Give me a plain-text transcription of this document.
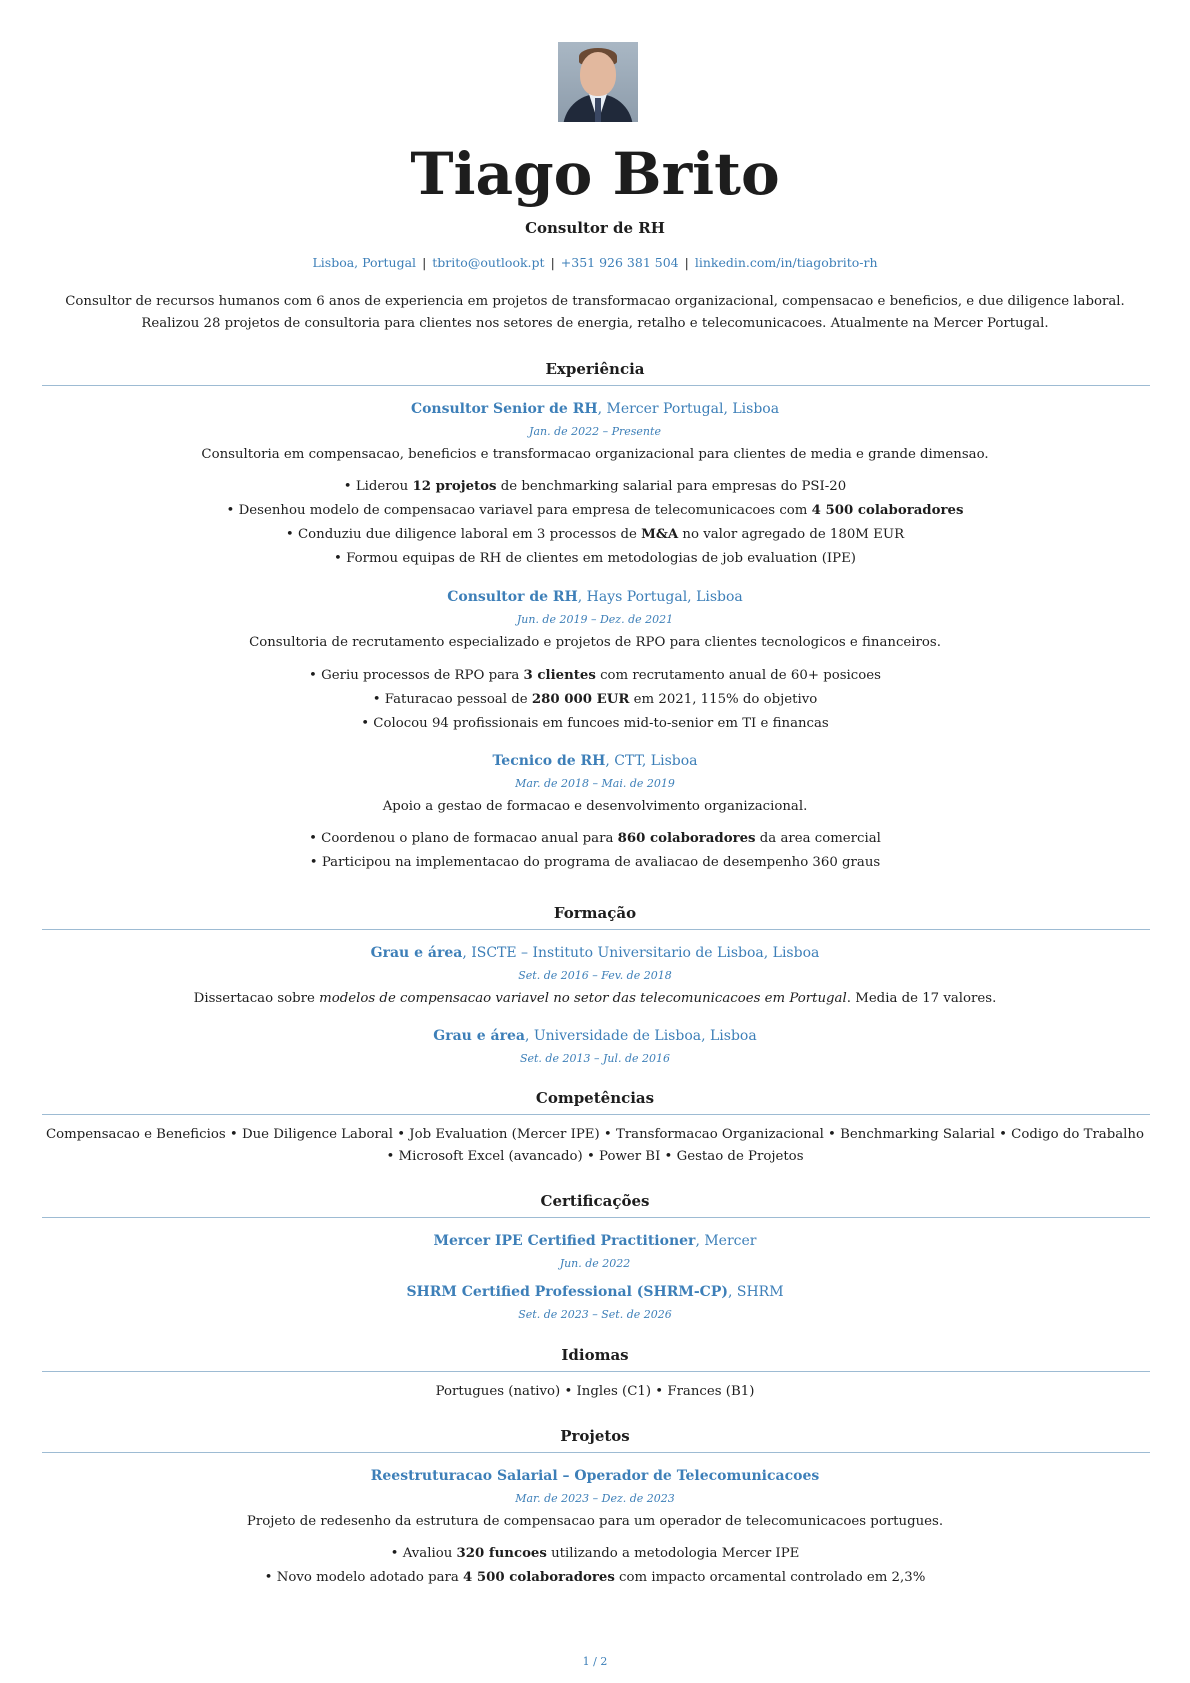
Tiago Brito
Consultor de RH
Lisboa, Portugal | tbrito@outlook.pt | +351 926 381 504 | linkedin.com/in/tiagobrito-rh
Consultor de recursos humanos com 6 anos de experiencia em projetos de transformacao organizacional, compensacao e beneficios, e due diligence laboral. Realizou 28 projetos de consultoria para clientes nos setores de energia, retalho e telecomunicacoes. Atualmente na Mercer Portugal.
Experiência
Consultor Senior de RH, Mercer Portugal, Lisboa
Jan. de 2022 – Presente
Consultoria em compensacao, beneficios e transformacao organizacional para clientes de media e grande dimensao.
• Liderou 12 projetos de benchmarking salarial para empresas do PSI-20
• Desenhou modelo de compensacao variavel para empresa de telecomunicacoes com 4 500 colaboradores
• Conduziu due diligence laboral em 3 processos de M&A no valor agregado de 180M EUR
• Formou equipas de RH de clientes em metodologias de job evaluation (IPE)
Consultor de RH, Hays Portugal, Lisboa
Jun. de 2019 – Dez. de 2021
Consultoria de recrutamento especializado e projetos de RPO para clientes tecnologicos e financeiros.
• Geriu processos de RPO para 3 clientes com recrutamento anual de 60+ posicoes
• Faturacao pessoal de 280 000 EUR em 2021, 115% do objetivo
• Colocou 94 profissionais em funcoes mid-to-senior em TI e financas
Tecnico de RH, CTT, Lisboa
Mar. de 2018 – Mai. de 2019
Apoio a gestao de formacao e desenvolvimento organizacional.
• Coordenou o plano de formacao anual para 860 colaboradores da area comercial
• Participou na implementacao do programa de avaliacao de desempenho 360 graus
Formação
Grau e área, ISCTE – Instituto Universitario de Lisboa, Lisboa
Set. de 2016 – Fev. de 2018
Dissertacao sobre modelos de compensacao variavel no setor das telecomunicacoes em Portugal. Media de 17 valores.
Grau e área, Universidade de Lisboa, Lisboa
Set. de 2013 – Jul. de 2016
Competências
Compensacao e Beneficios • Due Diligence Laboral • Job Evaluation (Mercer IPE) • Transformacao Organizacional • Benchmarking Salarial • Codigo do Trabalho • Microsoft Excel (avancado) • Power BI • Gestao de Projetos
Certificações
Mercer IPE Certified Practitioner, Mercer
Jun. de 2022
SHRM Certified Professional (SHRM-CP), SHRM
Set. de 2023 – Set. de 2026
Idiomas
Portugues (nativo) • Ingles (C1) • Frances (B1)
Projetos
Reestruturacao Salarial – Operador de Telecomunicacoes
Mar. de 2023 – Dez. de 2023
Projeto de redesenho da estrutura de compensacao para um operador de telecomunicacoes portugues.
• Avaliou 320 funcoes utilizando a metodologia Mercer IPE
• Novo modelo adotado para 4 500 colaboradores com impacto orcamental controlado em 2,3%
1 / 2
